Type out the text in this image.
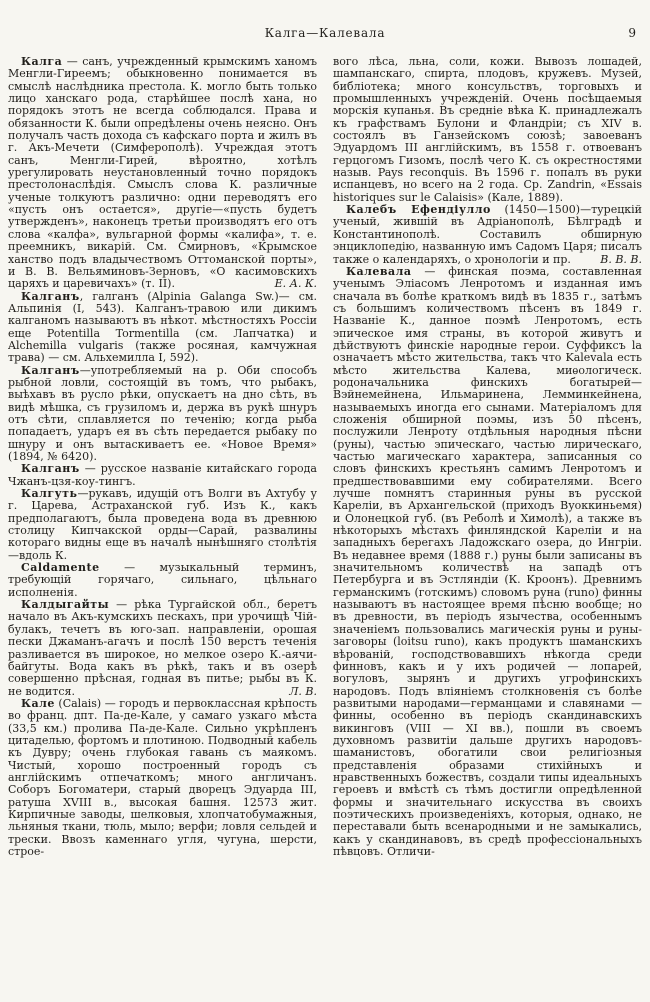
Калга—Калевала	9

Калга — санъ, учрежденный крымскимъ ханомъ Менгли-Гиреемъ; обыкновенно понимается въ смыслѣ наслѣдника престола. К. могло быть только лицо ханскаго рода, старѣйшее послѣ хана, но порядокъ этотъ не всегда соблюдался. Права и обязанности К. были опредѣлены очень неясно. Онъ получалъ часть дохода съ кафскаго порта и жилъ въ г. Акъ-Мечети (Симферополѣ). Учреждая этотъ санъ, Менгли-Гирей, вѣроятно, хотѣлъ урегулировать неустановленный точно порядокъ престолонаслѣдія. Смыслъ слова К. различные ученые толкуютъ различно: одни переводятъ его «пусть онъ остается», другіе—«пусть будетъ утвержденъ», наконецъ третьи производятъ его отъ слова «калфа», вульгарной формы «калифа», т. е. преемникъ, викарій. См. Смирновъ, «Крымское ханство подъ владычествомъ Оттоманской порты», и В. В. Вельяминовъ-Зерновъ, «О касимовскихъ царяхъ и царевичахъ» (т. II).	Е. А. К.

Калганъ, галганъ (Alpinia Galanga Sw.)— см. Альпинія (I, 543). Калганъ-травою или дикимъ калганомъ называютъ въ нѣкот. мѣстностяхъ Россіи еще Potentilla Tormentilla (см. Лапчатка) и Alchemilla vulgaris (также росяная, камчужная трава) — см. Альхемилла I, 592).

Калганъ—употребляемый на р. Оби способъ рыбной ловли, состоящій въ томъ, что рыбакъ, выѣхавъ въ русло рѣки, опускаетъ на дно сѣть, въ видѣ мѣшка, съ грузиломъ и, держа въ рукѣ шнуръ отъ сѣти, сплавляется по теченію; когда рыба попадаетъ, ударъ ея въ сѣть передается рыбаку по шнуру и онъ вытаскиваетъ ее. «Новое Время» (1894, № 6420).

Калганъ — русское названіе китайскаго города Чжанъ-цзя-коу-тингъ.

Калгуть—рукавъ, идущій отъ Волги въ Ахтубу у г. Царева, Астраханской губ. Изъ К., какъ предполагаютъ, была проведена вода въ древнюю столицу Кипчакской орды—Сарай, развалины котораго видны еще въ началѣ нынѣшняго столѣтія—вдоль К.

Caldamente — музыкальный терминъ, требующій горячаго, сильнаго, цѣльнаго исполненія.

Калдыгайты — рѣка Тургайской обл., беретъ начало въ Акъ-кумскихъ пескахъ, при урочищѣ Чій-булакъ, течетъ въ юго-зап. направленіи, орошая пески Джаманъ-агачъ и послѣ 150 верстъ теченія разливается въ широкое, но мелкое озеро К.-аячи-байгуты. Вода какъ въ рѣкѣ, такъ и въ озерѣ совершенно прѣсная, годная въ питье; рыбы въ К. не водится.	Л. В.

Кале (Calais) — городъ и первоклассная крѣпость во франц. дпт. Па-де-Кале, у самаго узкаго мѣста (33,5 км.) пролива Па-де-Кале. Сильно укрѣпленъ цитаделью, фортомъ и плотиною. Подводный кабель къ Дувру; очень глубокая гавань съ маякомъ. Чистый, хорошо построенный городъ съ англійскимъ отпечаткомъ; много англичанъ. Соборъ Богоматери, старый дворецъ Эдуарда III, ратуша XVIII в., высокая башня. 12573 жит. Кирпичные заводы, шелковыя, хлопчатобумажныя, льняныя ткани, тюль, мыло; верфи; ловля сельдей и трески. Ввозъ каменнаго угля, чугуна, шерсти, строе-

вого лѣса, льна, соли, кожи. Вывозъ лошадей, шампанскаго, спирта, плодовъ, кружевъ. Музей, библіотека; много консульствъ, торговыхъ и промышленныхъ учрежденій. Очень посѣщаемыя морскія купанья. Въ средніе вѣка К. принадлежалъ къ графствамъ Булони и Фландріи; съ XIV в. состоялъ въ Ганзейскомъ союзѣ; завоеванъ Эдуардомъ III англійскимъ, въ 1558 г. отвоеванъ герцогомъ Гизомъ, послѣ чего К. съ окрестностями назыв. Pays reconquis. Въ 1596 г. попалъ въ руки испанцевъ, но всего на 2 года. Ср. Zandrin, «Essais historiques sur le Calaisis» (Кале, 1889).

Калебъ Ефендіулло (1450—1500)—турецкій ученый, жившій въ Адріанополѣ, Бѣлградѣ и Константинополѣ. Составилъ обширную энциклопедію, названную имъ Садомъ Царя; писалъ также о календаряхъ, о хронологіи и пр.	В. В. В.

Калевала — финская поэма, составленная ученымъ Эліасомъ Ленротомъ и изданная имъ сначала въ болѣе краткомъ видѣ въ 1835 г., затѣмъ съ большимъ количествомъ пѣсенъ въ 1849 г. Названіе К., данное поэмѣ Ленротомъ, есть эпическое имя страны, въ которой живутъ и дѣйствуютъ финскіе народные герои. Суффиксъ la означаетъ мѣсто жительства, такъ что Kalevala есть мѣсто жительства Калева, миѳологическ. родоначальника финскихъ богатырей—Вэйнемейнена, Ильмаринена, Лемминкейнена, называемыхъ иногда его сынами. Матеріаломъ для сложенія обширной поэмы, изъ 50 пѣсенъ, послужили Ленроту отдѣльныя народныя пѣсни (руны), частью эпическаго, частью лирическаго, частью магическаго характера, записанныя со словъ финскихъ крестьянъ самимъ Ленротомъ и предшествовавшими ему собирателями. Всего лучше помнятъ старинныя руны въ русской Кареліи, въ Архангельской (приходъ Вуоккиньемя) и Олонецкой губ. (въ Реболѣ и Химолѣ), а также въ нѣкоторыхъ мѣстахъ финляндской Кареліи и на западныхъ берегахъ Ладожскаго озера, до Ингріи. Въ недавнее время (1888 г.) руны были записаны въ значительномъ количествѣ на западѣ отъ Петербурга и въ Эстляндіи (К. Кроонъ). Древнимъ германскимъ (готскимъ) словомъ руна (runo) финны называютъ въ настоящее время пѣсню вообще; но въ древности, въ періодъ язычества, особеннымъ значеніемъ пользовались магическія руны и руны-заговоры (loitsu runo), какъ продуктъ шаманскихъ вѣрованій, господствовавшихъ нѣкогда среди финновъ, какъ и у ихъ родичей — лопарей, вогуловъ, зырянъ и другихъ угрофинскихъ народовъ. Подъ вліяніемъ столкновенія съ болѣе развитыми народами—германцами и славянами — финны, особенно въ періодъ скандинавскихъ викинговъ (VIII — XI вв.), пошли въ своемъ духовномъ развитіи дальше другихъ народовъ-шаманистовъ, обогатили свои религіозныя представленія образами стихійныхъ и нравственныхъ божествъ, создали типы идеальныхъ героевъ и вмѣстѣ съ тѣмъ достигли опредѣленной формы и значительнаго искусства въ своихъ поэтическихъ произведеніяхъ, которыя, однако, не переставали быть всенародными и не замыкались, какъ у скандинавовъ, въ средѣ профессіональныхъ пѣвцовъ. Отличи-
